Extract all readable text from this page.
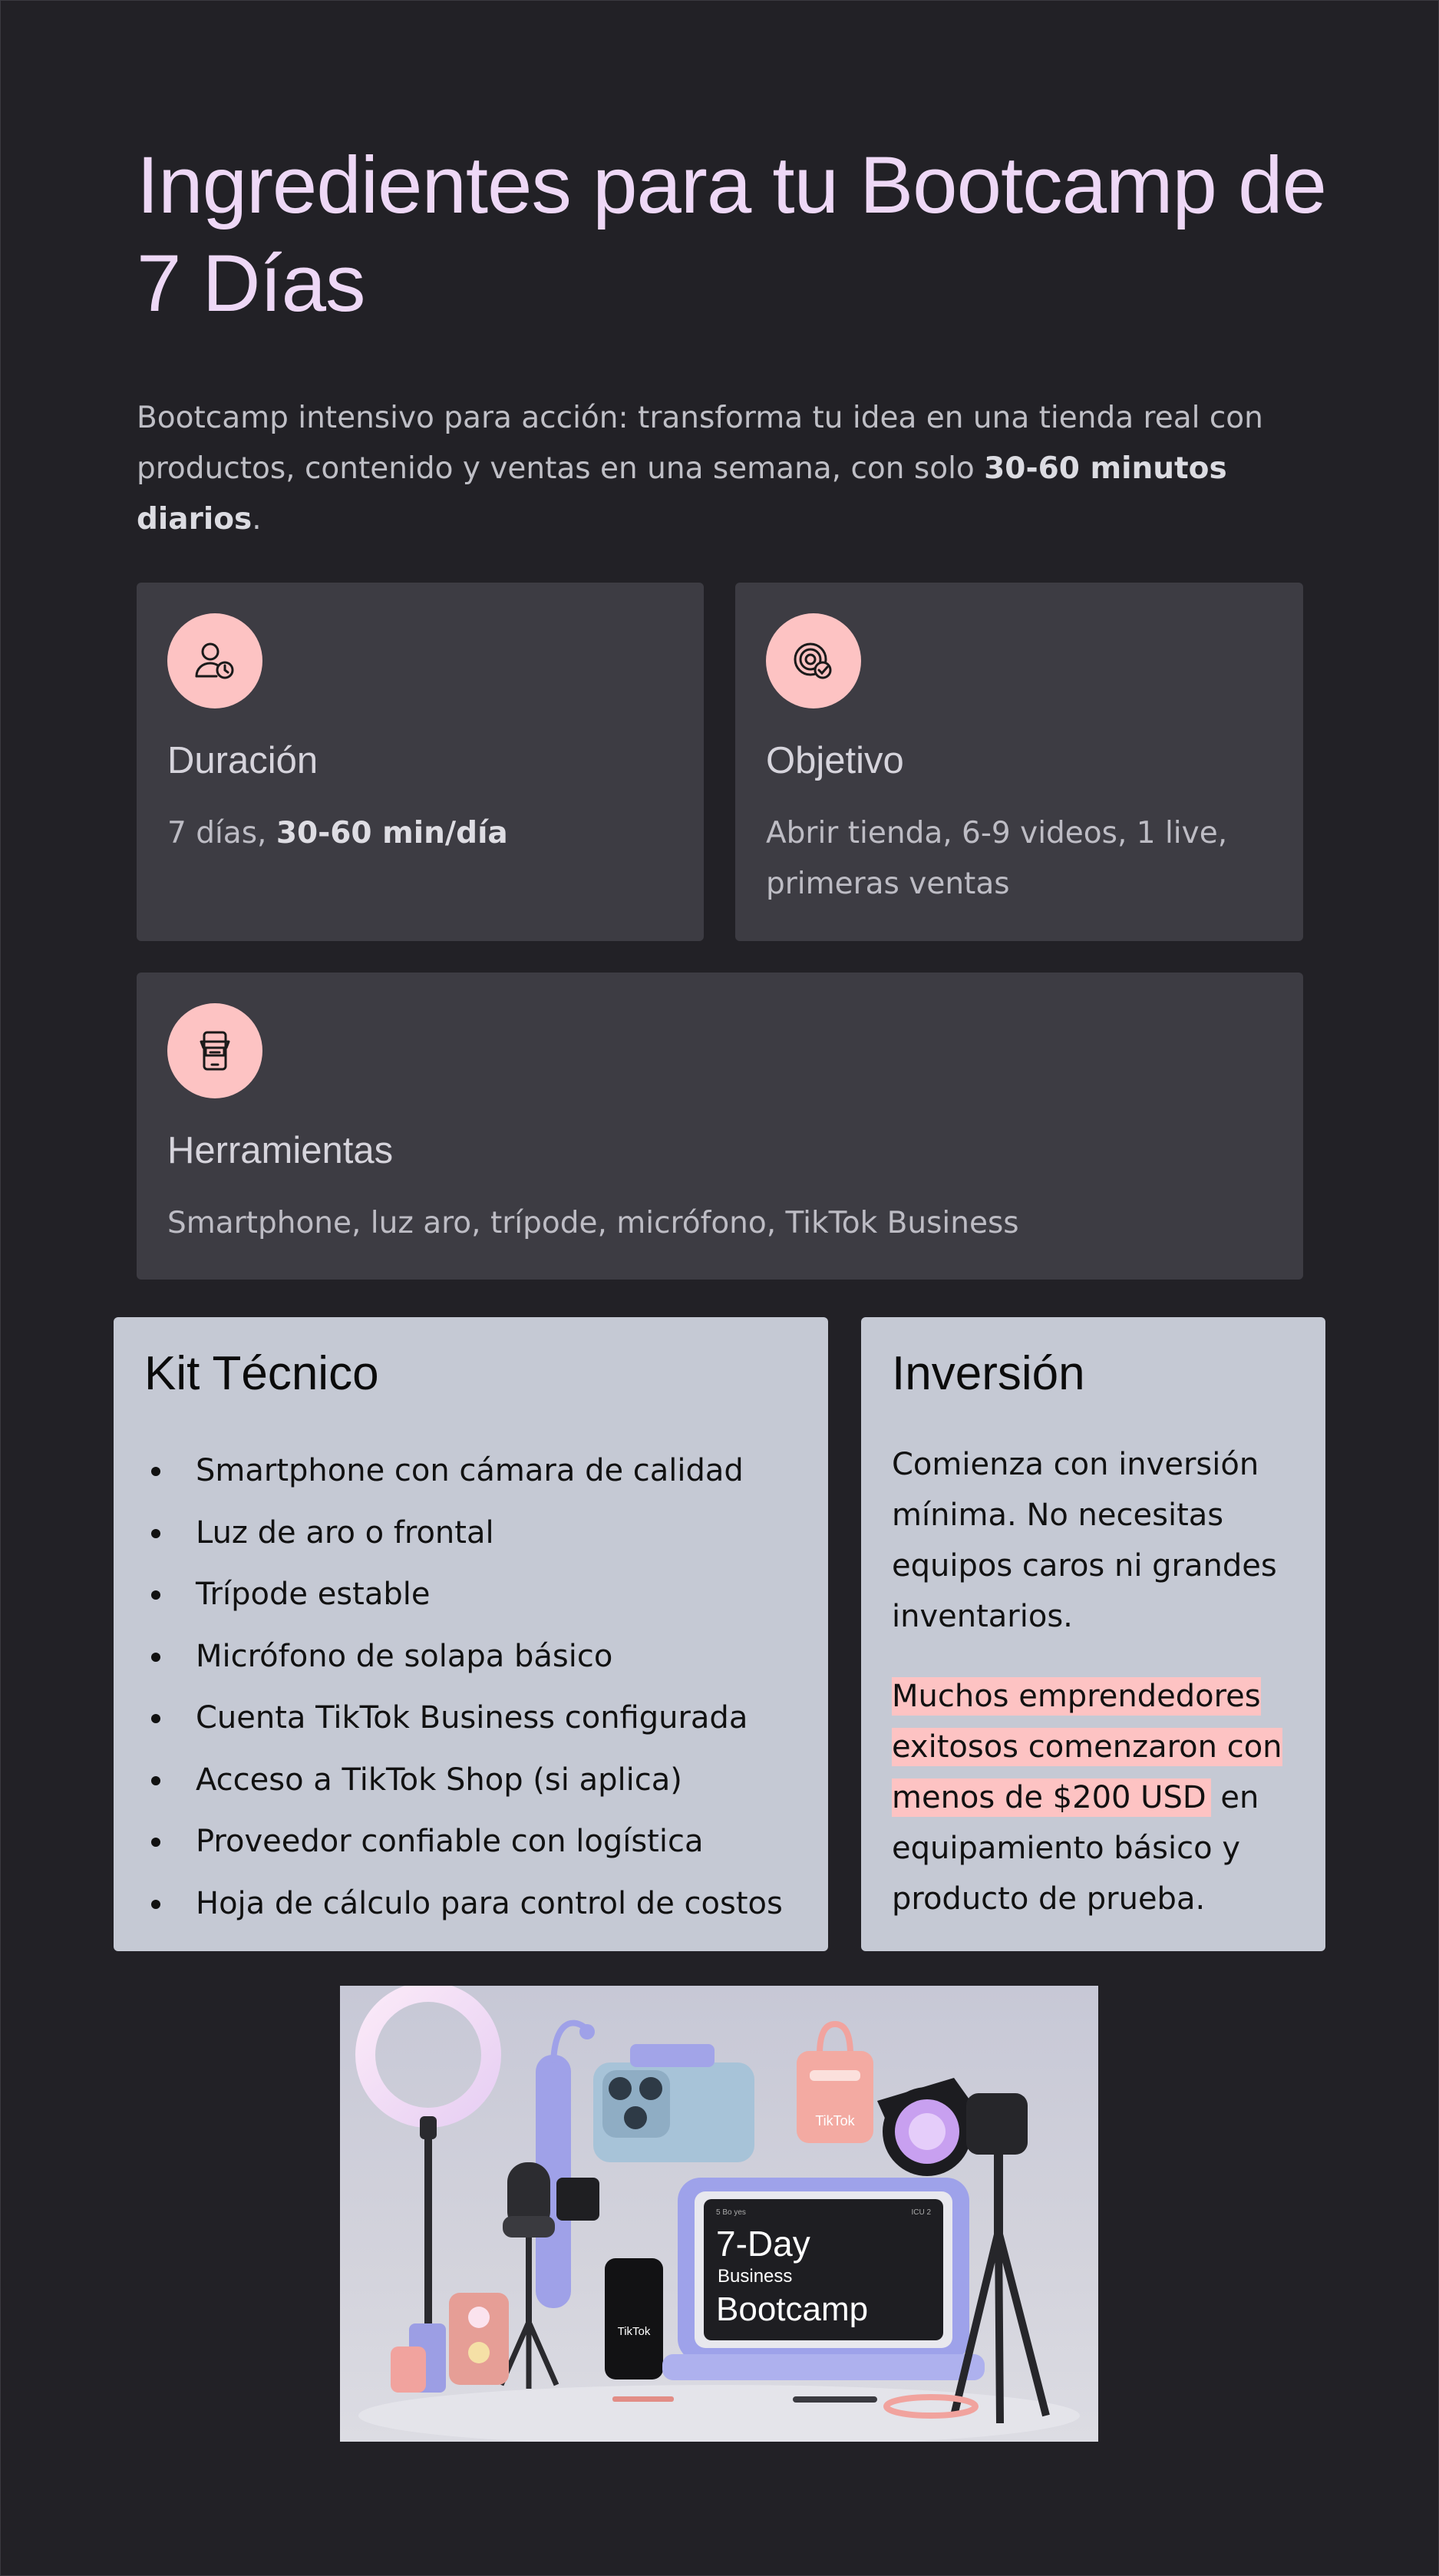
Ingredientes para tu Bootcamp de 7 Días
Bootcamp intensivo para acción: transforma tu idea en una tienda real con productos, contenido y ventas en una semana, con solo 30-60 minutos diarios.
Duración
7 días, 30-60 min/día
Objetivo
Abrir tienda, 6-9 videos, 1 live, primeras ventas
Herramientas
Smartphone, luz aro, trípode, micrófono, TikTok Business
Kit Técnico
Smartphone con cámara de calidad
Luz de aro o frontal
Trípode estable
Micrófono de solapa básico
Cuenta TikTok Business configurada
Acceso a TikTok Shop (si aplica)
Proveedor confiable con logística
Hoja de cálculo para control de costos
Inversión

Comienza con inversión mínima. No necesitas equipos caros ni grandes inventarios.

Muchos emprendedores exitosos comenzaron con menos de $200 USD en equipamiento básico y producto de prueba.

TikTok
TikTok
5 Bo yes	ICU 2
7-Day
Business
Bootcamp
